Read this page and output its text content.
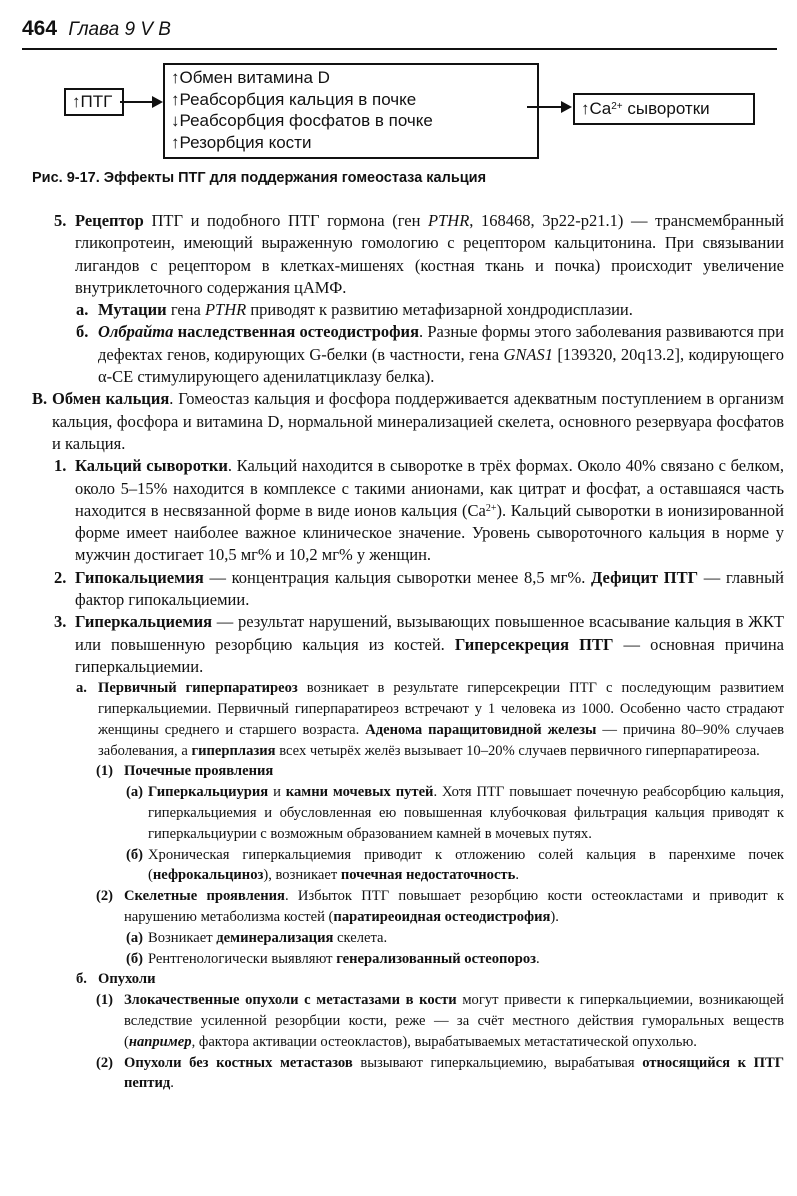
464 Глава 9 V В
↑ПТГ
↑Обмен витамина D
↑Реабсорбция кальция в почке
↓Реабсорбция фосфатов в почке
↑Резорбция кости
$↑Ca^{2+}$ сыворотки
Рис. 9-17. Эффекты ПТГ для поддержания гомеостаза кальция
5. Рецептор ПТГ и подобного ПТГ гормона (ген PTHR, 168468, 3p22-p21.1) — трансмембранный гликопротеин, имеющий выраженную гомологию с рецептором кальцитонина. При связывании лигандов с рецептором в клетках-мишенях (костная ткань и почка) происходит увеличение внутриклеточного содержания цАМФ.
а. Мутации гена PTHR приводят к развитию метафизарной хондродисплазии.
б. Олбрайта наследственная остеодистрофия. Разные формы этого заболевания развиваются при дефектах генов, кодирующих G-белки (в частности, гена GNAS1 [139320, 20q13.2], кодирующего α-CE стимулирующего аденилатциклазу белка).
В. Обмен кальция. Гомеостаз кальция и фосфора поддерживается адекватным поступлением в организм кальция, фосфора и витамина D, нормальной минерализацией скелета, основного резервуара фосфатов и кальция.
1. Кальций сыворотки. Кальций находится в сыворотке в трёх формах. Около 40% связано с белком, около 5–15% находится в комплексе с такими анионами, как цитрат и фосфат, а оставшаяся часть находится в несвязанной форме в виде ионов кальция $(Ca^{2+})$. Кальций сыворотки в ионизированной форме имеет наиболее важное клиническое значение. Уровень сывороточного кальция в норме у мужчин достигает 10,5 мг% и 10,2 мг% у женщин.
2. Гипокальциемия — концентрация кальция сыворотки менее 8,5 мг%. Дефицит ПТГ — главный фактор гипокальциемии.
3. Гиперкальциемия — результат нарушений, вызывающих повышенное всасывание кальция в ЖКТ или повышенную резорбцию кальция из костей. Гиперсекреция ПТГ — основная причина гиперкальциемии.
а. Первичный гиперпаратиреоз возникает в результате гиперсекреции ПТГ с последующим развитием гиперкальциемии. Первичный гиперпаратиреоз встречают у 1 человека из 1000. Особенно часто страдают женщины среднего и старшего возраста. Аденома паращитовидной железы — причина 80–90% случаев заболевания, а гиперплазия всех четырёх желёз вызывает 10–20% случаев первичного гиперпаратиреоза.
(1) Почечные проявления
(а) Гиперкальциурия и камни мочевых путей. Хотя ПТГ повышает почечную реабсорбцию кальция, гиперкальциемия и обусловленная ею повышенная клубочковая фильтрация кальция приводят к гиперкальциурии с возможным образованием камней в мочевых путях.
(б) Хроническая гиперкальциемия приводит к отложению солей кальция в паренхиме почек (нефрокальциноз), возникает почечная недостаточность.
(2) Скелетные проявления. Избыток ПТГ повышает резорбцию кости остеокластами и приводит к нарушению метаболизма костей (паратиреоидная остеодистрофия).
(а) Возникает деминерализация скелета.
(б) Рентгенологически выявляют генерализованный остеопороз.
б. Опухоли
(1) Злокачественные опухоли с метастазами в кости могут привести к гиперкальциемии, возникающей вследствие усиленной резорбции кости, реже — за счёт местного действия гуморальных веществ (например, фактора активации остеокластов), вырабатываемых метастатической опухолью.
(2) Опухоли без костных метастазов вызывают гиперкальциемию, вырабатывая относящийся к ПТГ пептид.
